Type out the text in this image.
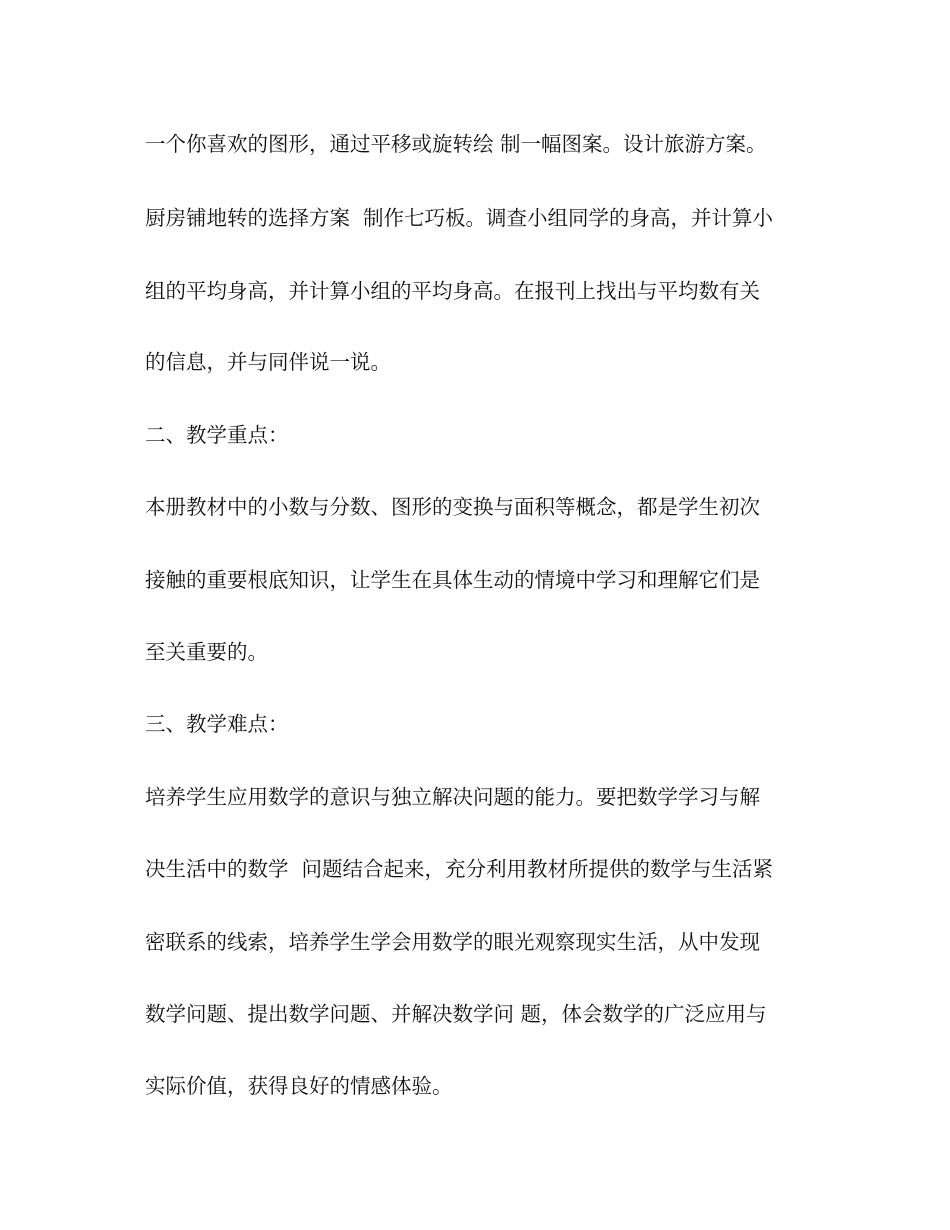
一个你喜欢的图形，通过平移或旋转绘 制一幅图案。设计旅游方案。
厨房铺地转的选择方案  制作七巧板。调查小组同学的身高，并计算小
组的平均身高，并计算小组的平均身高。在报刊上找出与平均数有关
的信息，并与同伴说一说。
二、教学重点：
本册教材中的小数与分数、图形的变换与面积等概念，都是学生初次
接触的重要根底知识，让学生在具体生动的情境中学习和理解它们是
至关重要的。
三、教学难点：
培养学生应用数学的意识与独立解决问题的能力。要把数学学习与解
决生活中的数学  问题结合起来，充分利用教材所提供的数学与生活紧
密联系的线索，培养学生学会用数学的眼光观察现实生活，从中发现
数学问题、提出数学问题、并解决数学问 题，体会数学的广泛应用与
实际价值，获得良好的情感体验。
